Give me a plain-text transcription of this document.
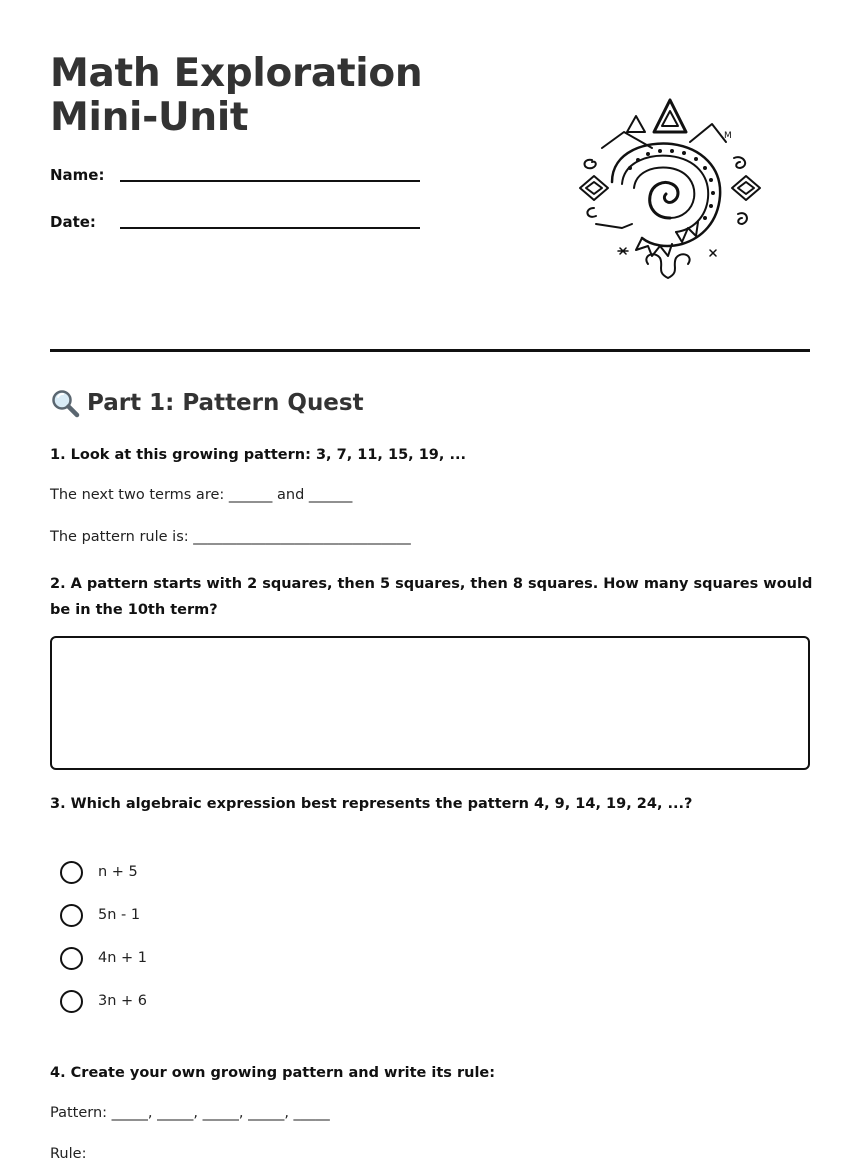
Math Exploration Mini-Unit
Name:
Date:
M
Part 1: Pattern Quest
1. Look at this growing pattern: 3, 7, 11, 15, 19, ...
The next two terms are: ______ and ______
The pattern rule is: ______________________________
2. A pattern starts with 2 squares, then 5 squares, then 8 squares. How many squares would be in the 10th term?
3. Which algebraic expression best represents the pattern 4, 9, 14, 19, 24, ...?
n + 5
5n - 1
4n + 1
3n + 6
4. Create your own growing pattern and write its rule:
Pattern: _____, _____, _____, _____, _____
Rule:
